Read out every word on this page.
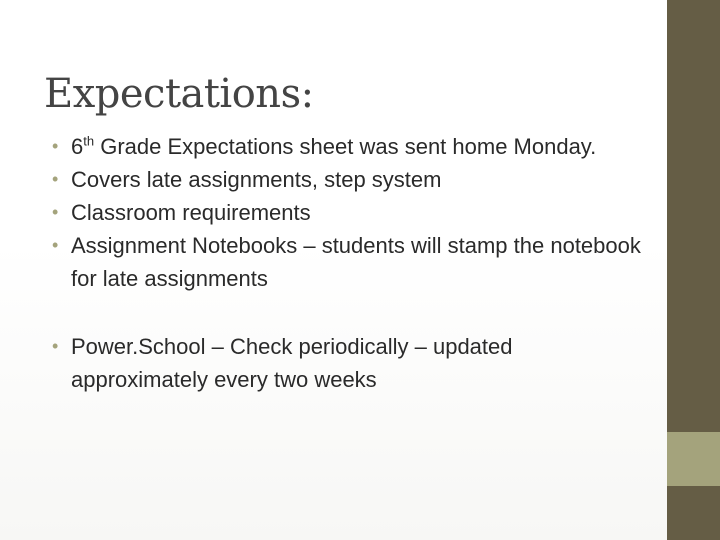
Expectations:
• 6th Grade Expectations sheet was sent home Monday.
• Covers late assignments, step system
• Classroom requirements
• Assignment Notebooks – students will stamp the notebook for late assignments
• Power.School – Check periodically – updated approximately every two weeks
